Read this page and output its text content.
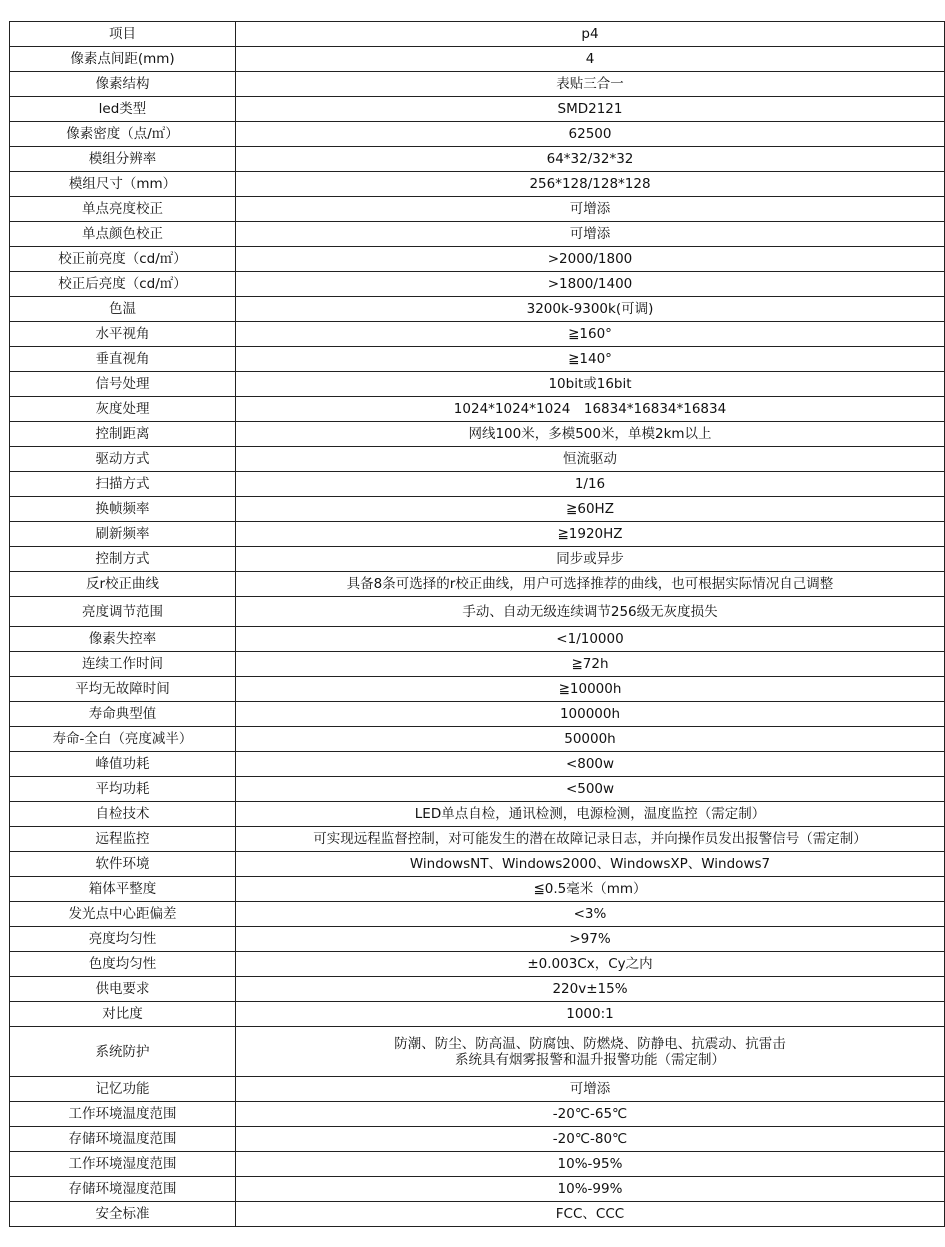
项目	p4
像素点间距(mm)	4
像素结构	表贴三合一
led类型	SMD2121
像素密度（点/㎡）	62500
模组分辨率	64*32/32*32
模组尺寸（mm）	256*128/128*128
单点亮度校正	可增添
单点颜色校正	可增添
校正前亮度（cd/㎡）	>2000/1800
校正后亮度（cd/㎡）	>1800/1400
色温	3200k-9300k(可调)
水平视角	≧160°
垂直视角	≧140°
信号处理	10bit或16bit
灰度处理	1024*1024*1024　16834*16834*16834
控制距离	网线100米，多模500米，单模2km以上
驱动方式	恒流驱动
扫描方式	1/16
换帧频率	≧60HZ
刷新频率	≧1920HZ
控制方式	同步或异步
反r校正曲线	具备8条可选择的r校正曲线，用户可选择推荐的曲线，也可根据实际情况自己调整
亮度调节范围	手动、自动无级连续调节256级无灰度损失
像素失控率	<1/10000
连续工作时间	≧72h
平均无故障时间	≧10000h
寿命典型值	100000h
寿命-全白（亮度减半）	50000h
峰值功耗	<800w
平均功耗	<500w
自检技术	LED单点自检，通讯检测，电源检测，温度监控（需定制）
远程监控	可实现远程监督控制，对可能发生的潜在故障记录日志，并向操作员发出报警信号（需定制）
软件环境	WindowsNT、Windows2000、WindowsXP、Windows7
箱体平整度	≦0.5毫米（mm）
发光点中心距偏差	<3%
亮度均匀性	>97%
色度均匀性	±0.003Cx，Cy之内
供电要求	220v±15%
对比度	1000:1
系统防护	防潮、防尘、防高温、防腐蚀、防燃烧、防静电、抗震动、抗雷击
系统具有烟雾报警和温升报警功能（需定制）

记忆功能	可增添
工作环境温度范围	-20℃-65℃
存储环境温度范围	-20℃-80℃
工作环境湿度范围	10%-95%
存储环境湿度范围	10%-99%
安全标准	FCC、CCC
